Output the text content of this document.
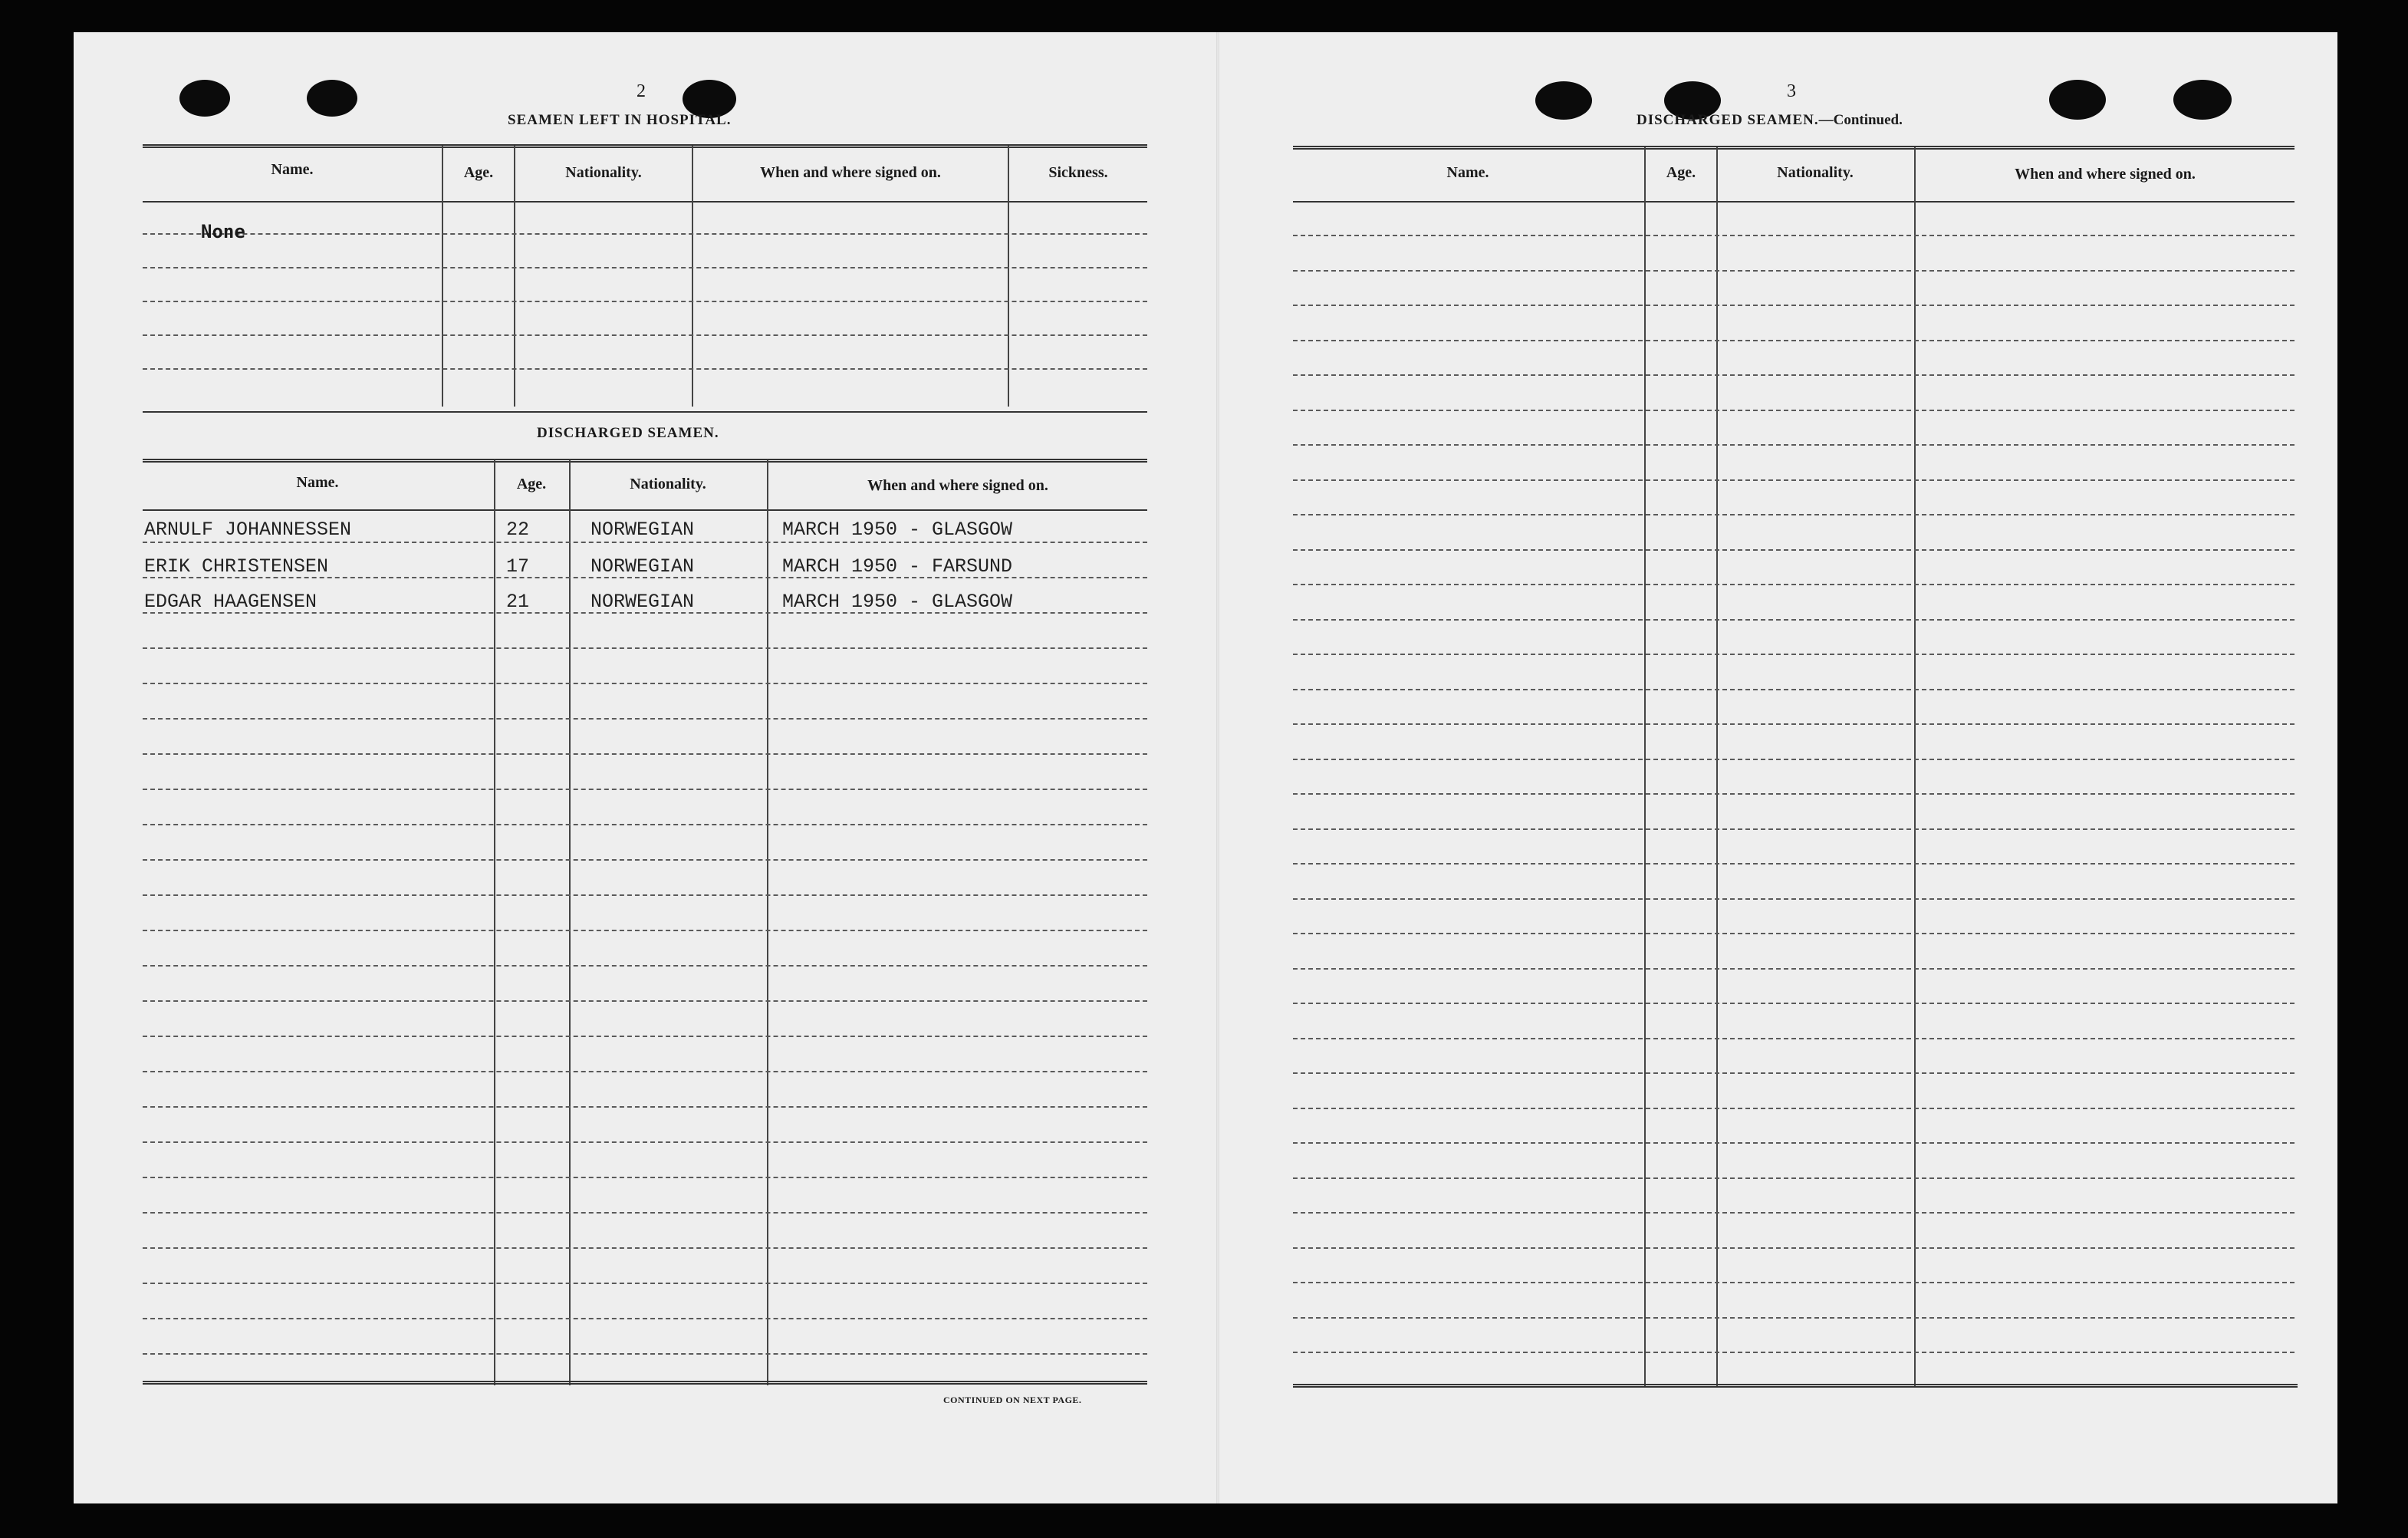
2
SEAMEN LEFT IN HOSPITAL.
Name.	Age.	Nationality.	When and where signed on.	Sickness.
None
DISCHARGED SEAMEN.
Name.	Age.	Nationality.	When and where signed on.
ARNULF JOHANNESSEN	22	NORWEGIAN	MARCH 1950 - GLASGOW
ERIK CHRISTENSEN	17	NORWEGIAN	MARCH 1950 - FARSUND
EDGAR HAAGENSEN	21	NORWEGIAN	MARCH 1950 - GLASGOW
CONTINUED ON NEXT PAGE.
3
DISCHARGED SEAMEN.—Continued.
Name.	Age.	Nationality.	When and where signed on.
